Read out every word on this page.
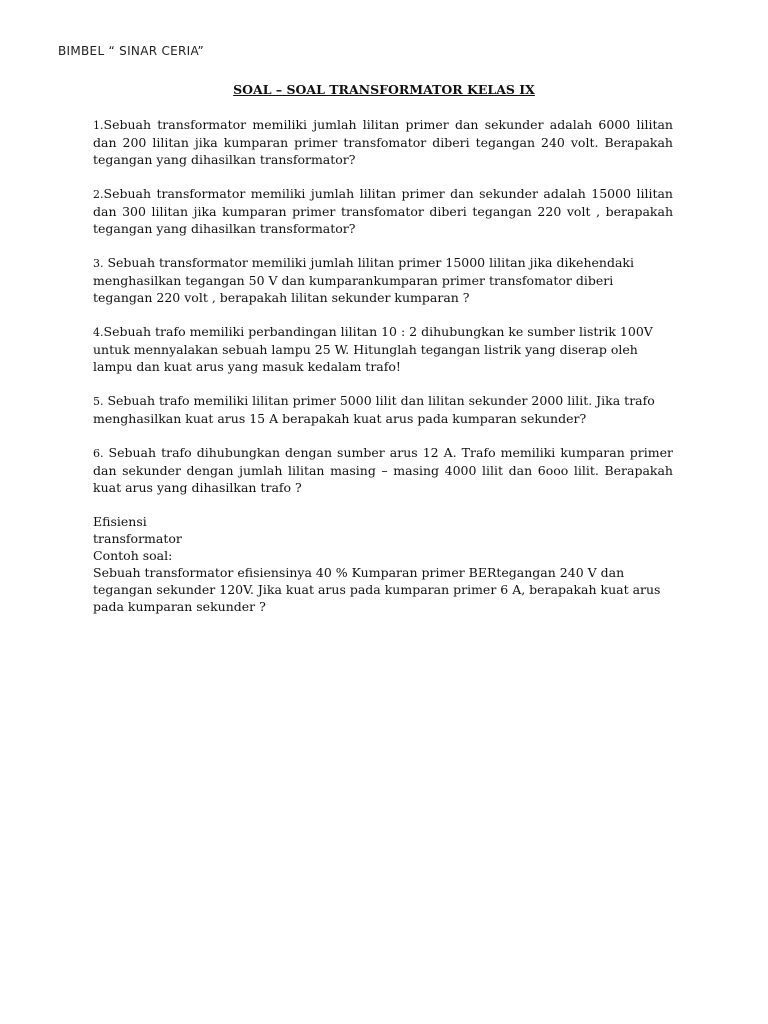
BIMBEL “ SINAR CERIA”
SOAL – SOAL TRANSFORMATOR KELAS IX

1.Sebuah transformator memiliki jumlah lilitan primer dan sekunder adalah 6000 lilitan dan 200 lilitan jika kumparan primer transfomator diberi tegangan 240 volt. Berapakah tegangan yang dihasilkan transformator?

2.Sebuah transformator memiliki jumlah lilitan primer dan sekunder adalah 15000 lilitan dan 300 lilitan jika kumparan primer transfomator diberi tegangan 220 volt , berapakah tegangan yang dihasilkan transformator?

3. Sebuah transformator memiliki jumlah lilitan primer 15000 lilitan jika dikehendaki menghasilkan tegangan 50 V dan kumparankumparan primer transfomator diberi tegangan 220 volt , berapakah lilitan sekunder kumparan ?

4.Sebuah trafo memiliki perbandingan lilitan 10 : 2 dihubungkan ke sumber listrik 100V untuk mennyalakan sebuah lampu 25 W. Hitunglah tegangan listrik yang diserap oleh lampu dan kuat arus yang masuk kedalam trafo!

5. Sebuah trafo memiliki lilitan primer 5000 lilit dan lilitan sekunder 2000 lilit. Jika trafo menghasilkan kuat arus 15 A berapakah kuat arus pada kumparan sekunder?

6. Sebuah trafo dihubungkan dengan sumber arus 12 A. Trafo memiliki kumparan primer dan sekunder dengan jumlah lilitan masing – masing 4000 lilit dan 6ooo lilit. Berapakah kuat arus yang dihasilkan trafo ?

Efisiensi

transformator

Contoh soal:

Sebuah transformator efisiensinya 40 % Kumparan primer BERtegangan 240 V dan tegangan sekunder 120V. Jika kuat arus pada kumparan primer 6 A, berapakah kuat arus pada kumparan sekunder ?
